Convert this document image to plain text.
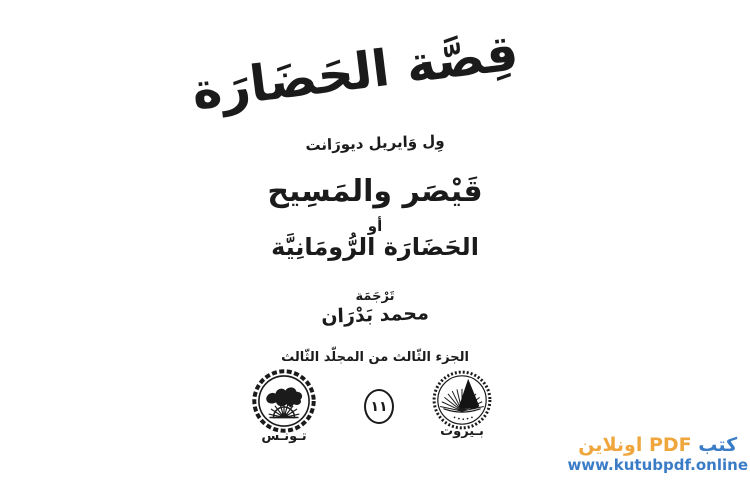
قِصَّة الحَضَارَة
وِل وَايريل ديورَانت
قَيْصَر والمَسِيح
أو
الحَضَارَة الرُّومَانِيَّة
تَرْجَمَة
محمد بَدْرَان
الجزء الثّالث من المجلّد الثّالث
تـونـس
١١
بـيروت
كتب PDF اونلاين
www.kutubpdf.online
